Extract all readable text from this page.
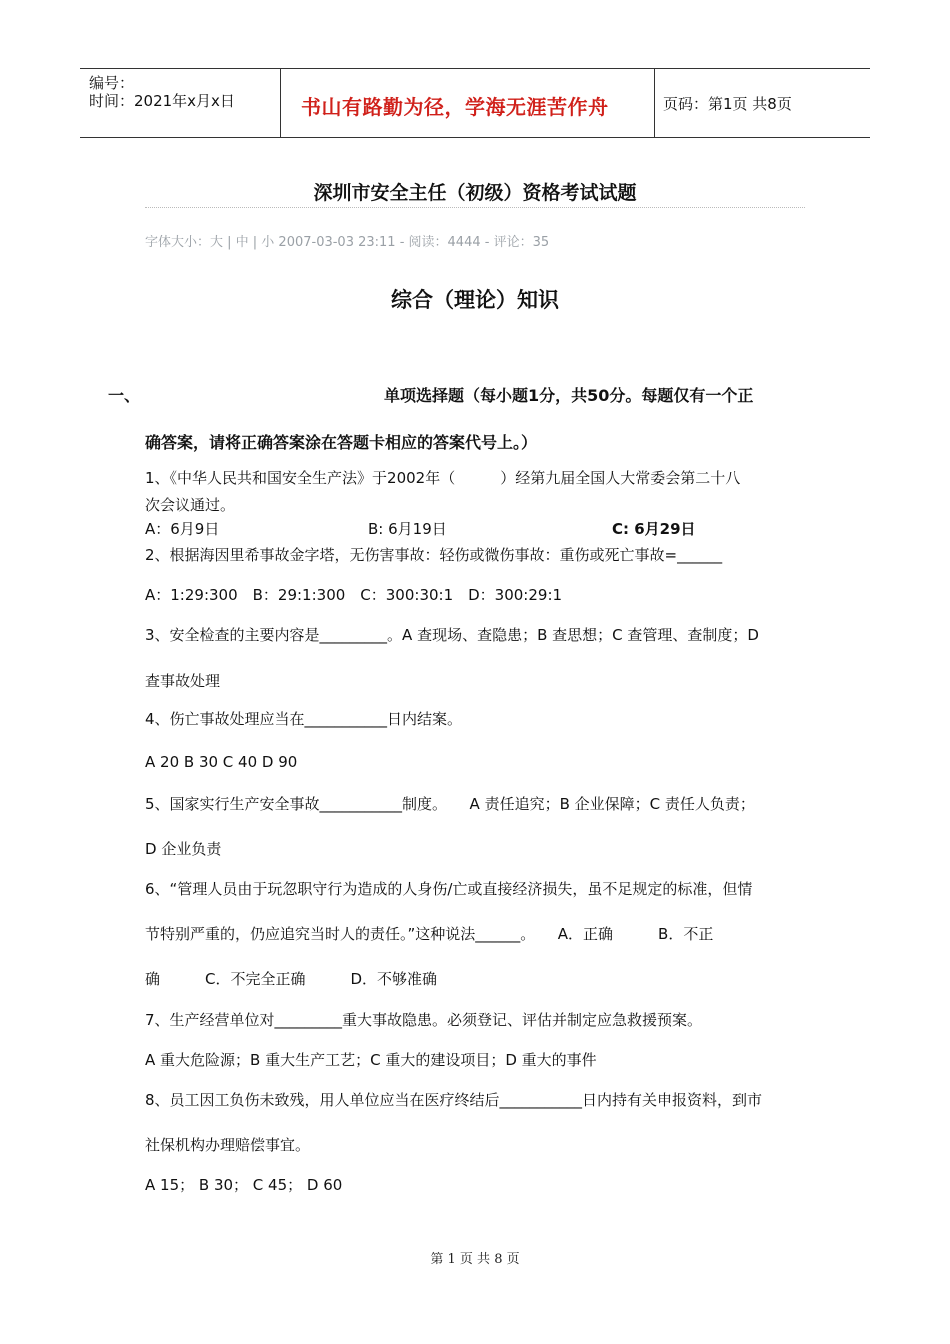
编号：
时间：2021年x月x日	书山有路勤为径，学海无涯苦作舟	页码：第1页 共8页
深圳市安全主任（初级）资格考试试题
字体大小：大 | 中 | 小 2007-03-03 23:11 - 阅读：4444 - 评论：35
综合（理论）知识
一、	单项选择题（每小题1分，共50分。每题仅有一个正
确答案，请将正确答案涂在答题卡相应的答案代号上。）
1、《中华人民共和国安全生产法》于2002年（　　　）经第九届全国人大常委会第二十八
次会议通过。
A：6月9日	B: 6月19日	C: 6月29日
2、根据海因里希事故金字塔，无伤害事故：轻伤或微伤事故：重伤或死亡事故=______
A：1:29:300　B：29:1:300　C：300:30:1　D：300:29:1
3、安全检查的主要内容是_________。A 查现场、查隐患；B 查思想；C 查管理、查制度；D
查事故处理
4、伤亡事故处理应当在___________日内结案。
A 20 B 30 C 40 D 90
5、国家实行生产安全事故___________制度。　　A 责任追究；B 企业保障；C 责任人负责；
D 企业负责
6、“管理人员由于玩忽职守行为造成的人身伤/亡或直接经济损失，虽不足规定的标准，但情
节特别严重的，仍应追究当时人的责任。”这种说法______。　　A．正确　　　B．不正
确　　　C．不完全正确　　　D．不够准确
7、生产经营单位对_________重大事故隐患。必须登记、评估并制定应急救援预案。
A 重大危险源；B 重大生产工艺；C 重大的建设项目；D 重大的事件
8、员工因工负伤未致残，用人单位应当在医疗终结后___________日内持有关申报资料，到市
社保机构办理赔偿事宜。
A 15； B 30； C 45； D 60
第 1 页 共 8 页
